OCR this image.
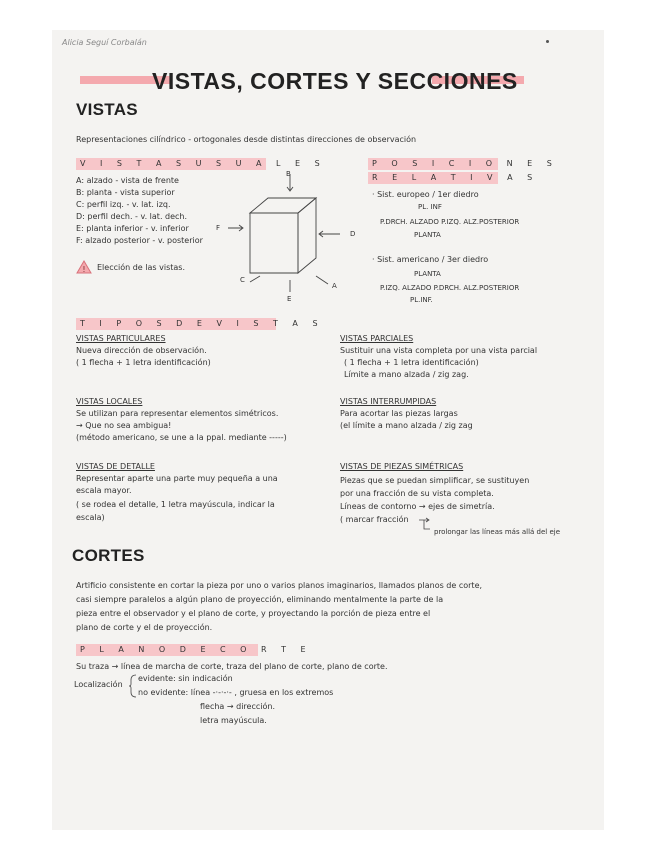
Alicia Seguí Corbalán
VISTAS, CORTES Y SECCIONES
VISTAS
Representaciones cilíndrico - ortogonales desde distintas direcciones de observación
V I S T A S U S U A L E S
A: alzado - vista de frente
B: planta - vista superior
C: perfil izq. - v. lat. izq.
D: perfil dech. - v. lat. dech.
E: planta inferior - v. inferior
F: alzado posterior - v. posterior
! Elección de las vistas.
B
F
D
C
A
E
P O S I C I O N E S
R E L A T I V A S
· Sist. europeo / 1er diedro
PL. INF
P.DRCH. ALZADO P.IZQ. ALZ.POSTERIOR
PLANTA
· Sist. americano / 3er diedro
PLANTA
P.IZQ. ALZADO P.DRCH. ALZ.POSTERIOR
PL.INF.
T I P O S D E V I S T A S
VISTAS PARTICULARES
Nueva dirección de observación.
( 1 flecha + 1 letra identificación)
VISTAS PARCIALES
Sustituir una vista completa por una vista parcial
( 1 flecha + 1 letra identificación)
Límite a mano alzada / zig zag.
VISTAS LOCALES
Se utilizan para representar elementos simétricos.
→ Que no sea ambigua!
(método americano, se une a la ppal. mediante -----)
VISTAS INTERRUMPIDAS
Para acortar las piezas largas
(el límite a mano alzada / zig zag
VISTAS DE DETALLE
Representar aparte una parte muy pequeña a una
escala mayor.
( se rodea el detalle, 1 letra mayúscula, indicar la
escala)
VISTAS DE PIEZAS SIMÉTRICAS
Piezas que se puedan simplificar, se sustituyen
por una fracción de su vista completa.
Líneas de contorno → ejes de simetría.
( marcar fracción
prolongar las líneas más allá del eje
CORTES
Artificio consistente en cortar la pieza por uno o varios planos imaginarios, llamados planos de corte,
casi siempre paralelos a algún plano de proyección, eliminando mentalmente la parte de la
pieza entre el observador y el plano de corte, y proyectando la porción de pieza entre el
plano de corte y el de proyección.
P L A N O D E C O R T E
Su traza → línea de marcha de corte, traza del plano de corte, plano de corte.
Localización
evidente: sin indicación
no evidente: línea -·-·-·- , gruesa en los extremos
flecha → dirección.
letra mayúscula.
